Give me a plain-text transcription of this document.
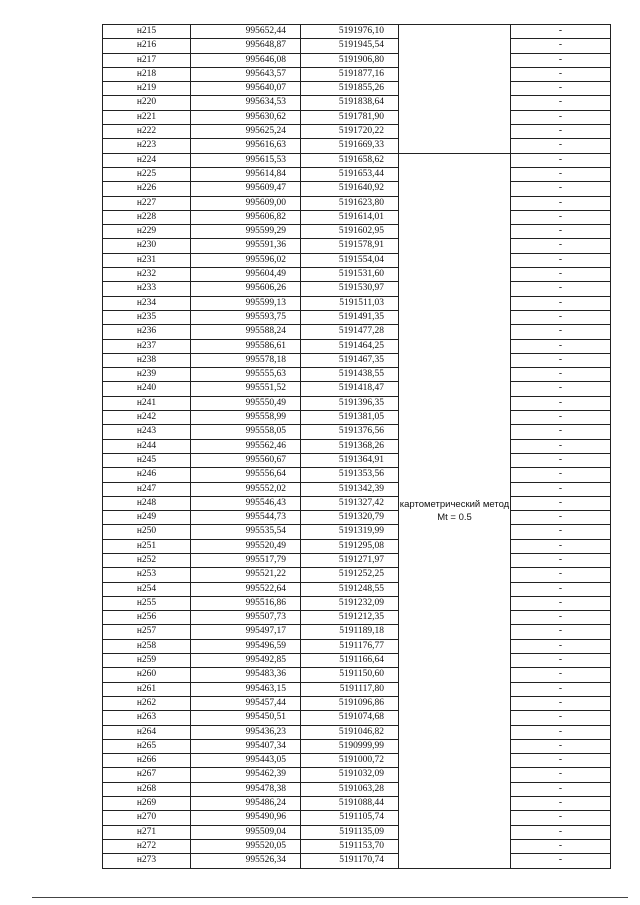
н215	995652,44	5191976,10		-
н216	995648,87	5191945,54		-
н217	995646,08	5191906,80		-
н218	995643,57	5191877,16		-
н219	995640,07	5191855,26		-
н220	995634,53	5191838,64		-
н221	995630,62	5191781,90		-
н222	995625,24	5191720,22		-
н223	995616,63	5191669,33		-
н224	995615,53	5191658,62	картометрический метод Mt = 0.5	-
н225	995614,84	5191653,44		-
н226	995609,47	5191640,92		-
н227	995609,00	5191623,80		-
н228	995606,82	5191614,01		-
н229	995599,29	5191602,95		-
н230	995591,36	5191578,91		-
н231	995596,02	5191554,04		-
н232	995604,49	5191531,60		-
н233	995606,26	5191530,97		-
н234	995599,13	5191511,03		-
н235	995593,75	5191491,35		-
н236	995588,24	5191477,28		-
н237	995586,61	5191464,25		-
н238	995578,18	5191467,35		-
н239	995555,63	5191438,55		-
н240	995551,52	5191418,47		-
н241	995550,49	5191396,35		-
н242	995558,99	5191381,05		-
н243	995558,05	5191376,56		-
н244	995562,46	5191368,26		-
н245	995560,67	5191364,91		-
н246	995556,64	5191353,56		-
н247	995552,02	5191342,39		-
н248	995546,43	5191327,42		-
н249	995544,73	5191320,79		-
н250	995535,54	5191319,99		-
н251	995520,49	5191295,08		-
н252	995517,79	5191271,97		-
н253	995521,22	5191252,25		-
н254	995522,64	5191248,55		-
н255	995516,86	5191232,09		-
н256	995507,73	5191212,35		-
н257	995497,17	5191189,18		-
н258	995496,59	5191176,77		-
н259	995492,85	5191166,64		-
н260	995483,36	5191150,60		-
н261	995463,15	5191117,80		-
н262	995457,44	5191096,86		-
н263	995450,51	5191074,68		-
н264	995436,23	5191046,82		-
н265	995407,34	5190999,99		-
н266	995443,05	5191000,72		-
н267	995462,39	5191032,09		-
н268	995478,38	5191063,28		-
н269	995486,24	5191088,44		-
н270	995490,96	5191105,74		-
н271	995509,04	5191135,09		-
н272	995520,05	5191153,70		-
н273	995526,34	5191170,74		-
